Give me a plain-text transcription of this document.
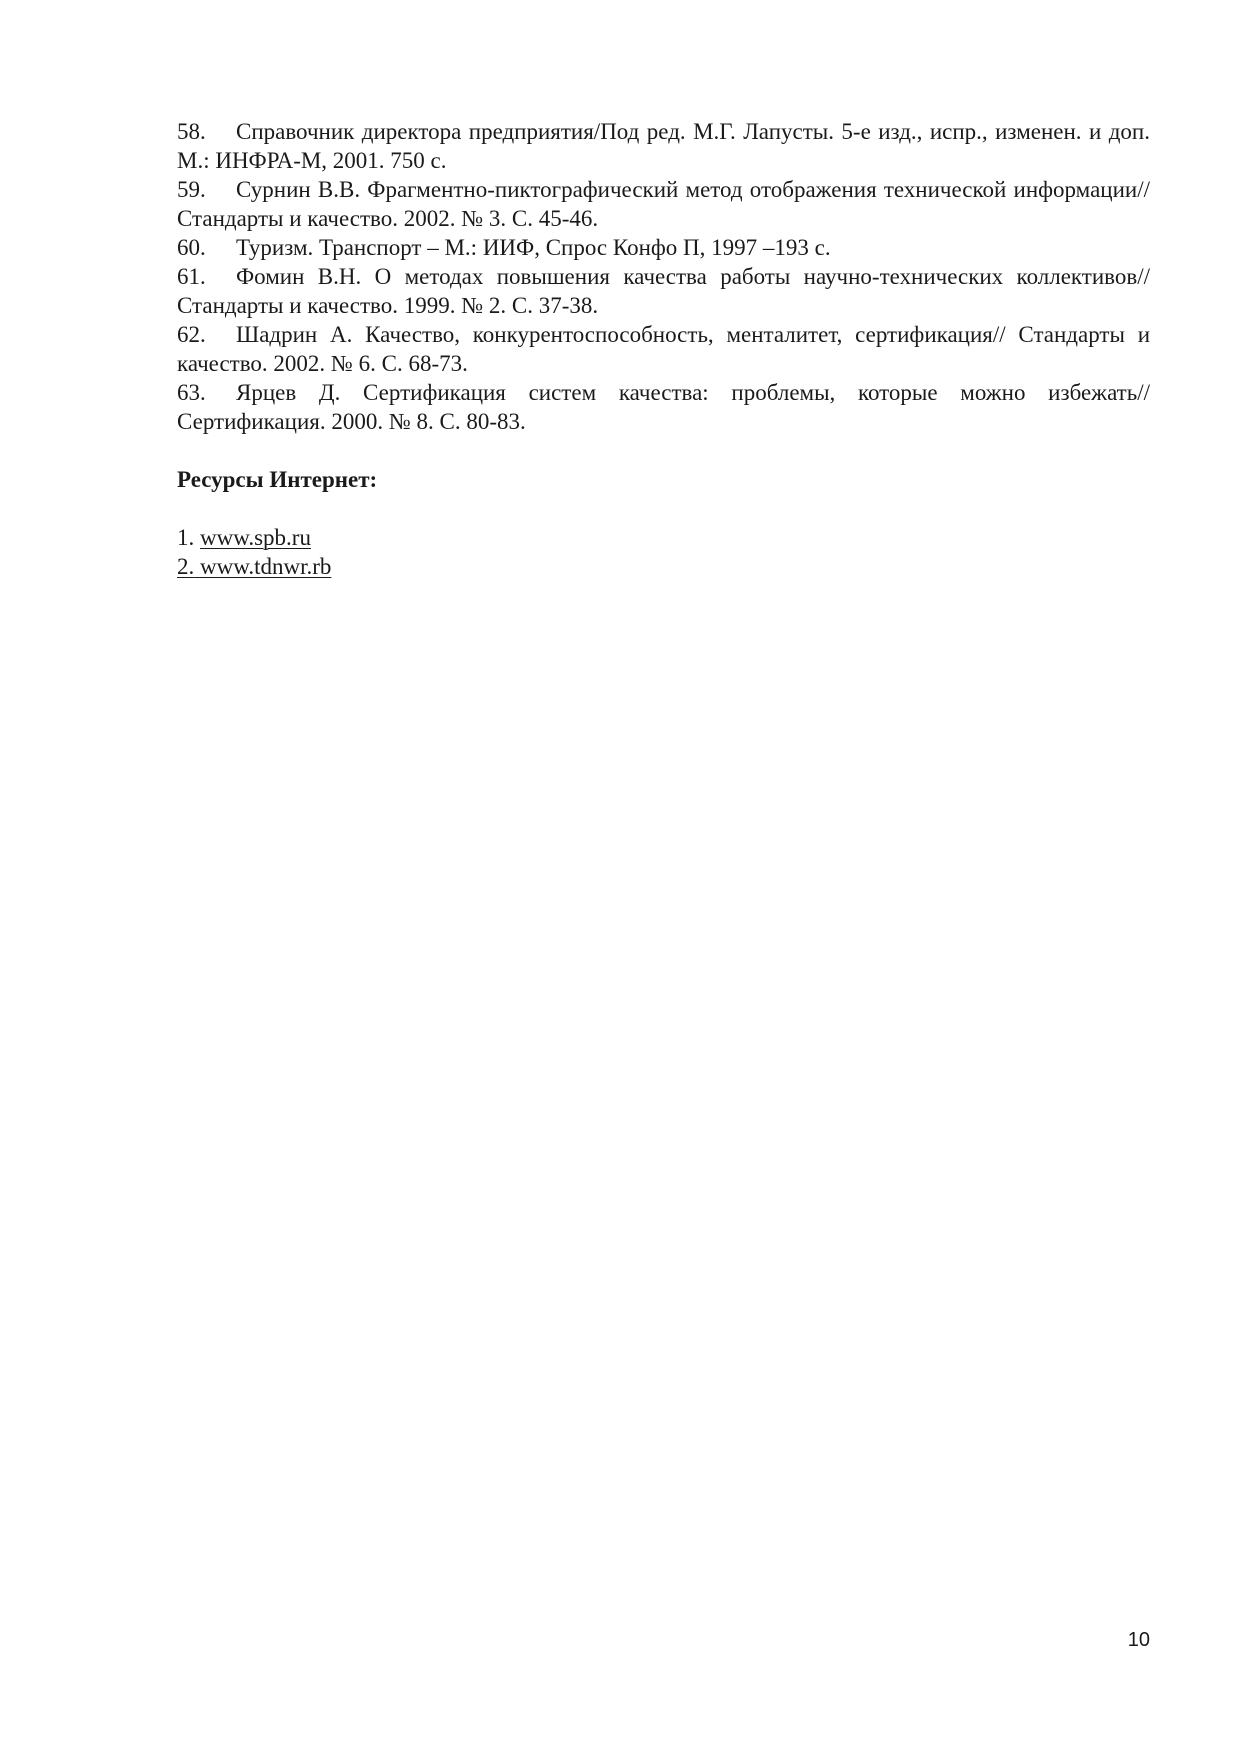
58. Справочник директора предприятия/Под ред. М.Г. Лапусты. 5-е изд., испр., изменен. и доп. М.: ИНФРА-М, 2001. 750 с.

59. Сурнин В.В. Фрагментно-пиктографический метод отображения технической информации// Стандарты и качество. 2002. № 3. С. 45-46.

60. Туризм. Транспорт – М.: ИИФ, Спрос Конфо П, 1997 –193 с.

61. Фомин В.Н. О методах повышения качества работы научно-технических коллективов// Стандарты и качество. 1999. № 2. С. 37-38.

62. Шадрин А. Качество, конкурентоспособность, менталитет, сертификация// Стандарты и качество. 2002. № 6. С. 68-73.

63. Ярцев Д. Сертификация систем качества: проблемы, которые можно избежать//Сертификация. 2000. № 8. С. 80-83.

Ресурсы Интернет:

1. www.spb.ru

2. www.tdnwr.rb

10
